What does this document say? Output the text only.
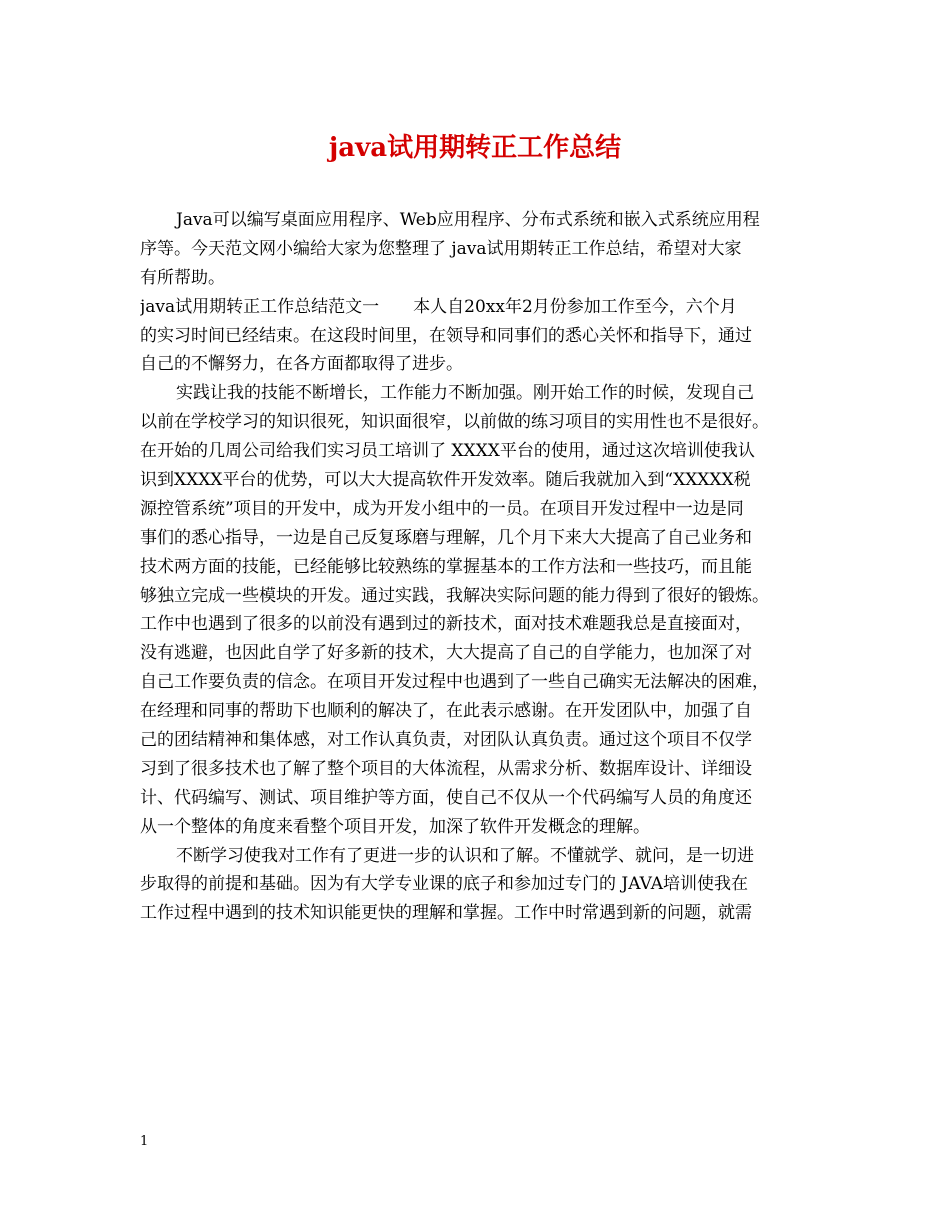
java试用期转正工作总结
Java可以编写桌面应用程序、Web应用程序、分布式系统和嵌入式系统应用程
序等。今天范文网小编给大家为您整理了 java试用期转正工作总结，希望对大家
有所帮助。
java试用期转正工作总结范文一　　本人自20xx年2月份参加工作至今，六个月
的实习时间已经结束。在这段时间里，在领导和同事们的悉心关怀和指导下，通过
自己的不懈努力，在各方面都取得了进步。
实践让我的技能不断增长，工作能力不断加强。刚开始工作的时候，发现自己
以前在学校学习的知识很死，知识面很窄，以前做的练习项目的实用性也不是很好。
在开始的几周公司给我们实习员工培训了 XXXX平台的使用，通过这次培训使我认
识到XXXX平台的优势，可以大大提高软件开发效率。随后我就加入到“XXXXX税
源控管系统”项目的开发中，成为开发小组中的一员。在项目开发过程中一边是同
事们的悉心指导，一边是自己反复琢磨与理解，几个月下来大大提高了自己业务和
技术两方面的技能，已经能够比较熟练的掌握基本的工作方法和一些技巧，而且能
够独立完成一些模块的开发。通过实践，我解决实际问题的能力得到了很好的锻炼。
工作中也遇到了很多的以前没有遇到过的新技术，面对技术难题我总是直接面对，
没有逃避，也因此自学了好多新的技术，大大提高了自己的自学能力，也加深了对
自己工作要负责的信念。在项目开发过程中也遇到了一些自己确实无法解决的困难，
在经理和同事的帮助下也顺利的解决了，在此表示感谢。在开发团队中，加强了自
己的团结精神和集体感，对工作认真负责，对团队认真负责。通过这个项目不仅学
习到了很多技术也了解了整个项目的大体流程，从需求分析、数据库设计、详细设
计、代码编写、测试、项目维护等方面，使自己不仅从一个代码编写人员的角度还
从一个整体的角度来看整个项目开发，加深了软件开发概念的理解。
不断学习使我对工作有了更进一步的认识和了解。不懂就学、就问，是一切进
步取得的前提和基础。因为有大学专业课的底子和参加过专门的 JAVA培训使我在
工作过程中遇到的技术知识能更快的理解和掌握。工作中时常遇到新的问题，就需
1
